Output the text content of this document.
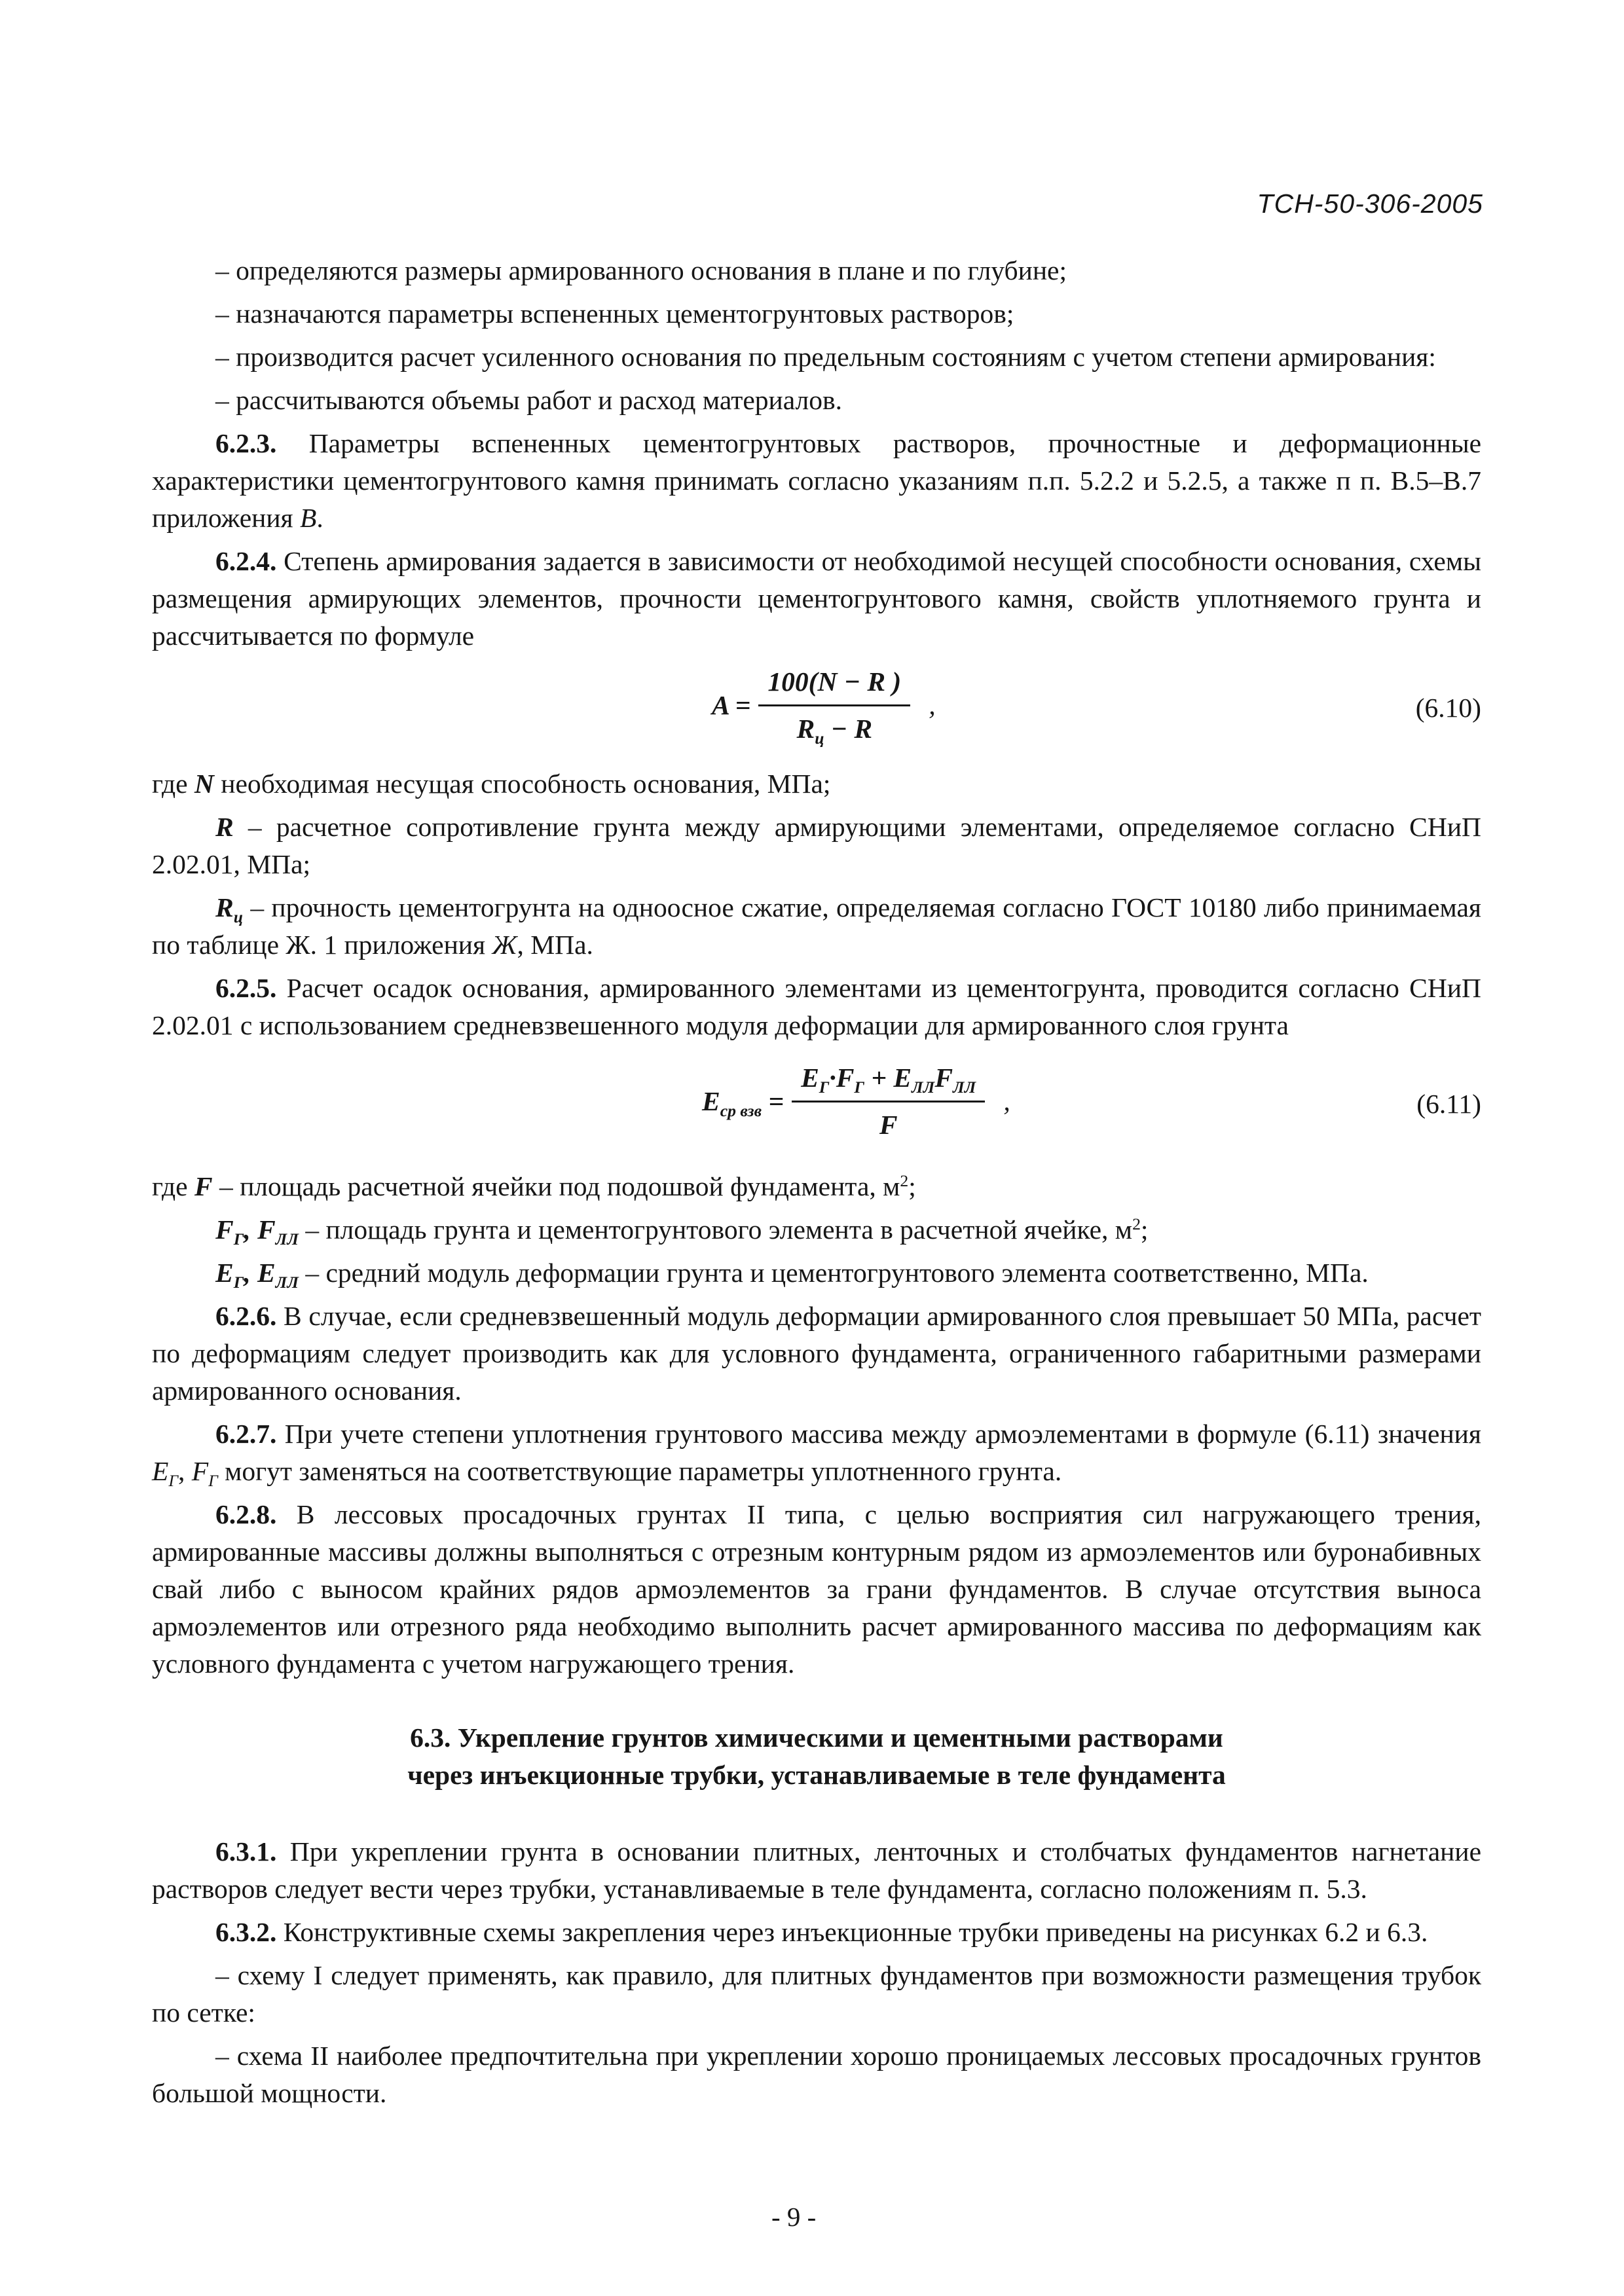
ТСН-50-306-2005

– определяются размеры армированного основания в плане и по глубине;

– назначаются параметры вспененных цементогрунтовых растворов;

– производится расчет усиленного основания по предельным состояниям с учетом степени армирования:

– рассчитываются объемы работ и расход материалов.

6.2.3. Параметры вспененных цементогрунтовых растворов, прочностные и деформационные характеристики цементогрунтового камня принимать согласно указаниям п.п. 5.2.2 и 5.2.5, а также п п. В.5–В.7 приложения В.

6.2.4. Степень армирования задается в зависимости от необходимой несущей способности основания, схемы размещения армирующих элементов, прочности цементогрунтового камня, свойств уплотняемого грунта и рассчитывается по формуле

$A = \frac{100(N - R )}{R_ц - R}$ ,	(6.10)

где N необходимая несущая способность основания, МПа;

R – расчетное сопротивление грунта между армирующими элементами, определяемое согласно СНиП 2.02.01, МПа;

$R_ц$ – прочность цементогрунта на одноосное сжатие, определяемая согласно ГОСТ 10180 либо принимаемая по таблице Ж. 1 приложения Ж, МПа.

6.2.5. Расчет осадок основания, армированного элементами из цементогрунта, проводится согласно СНиП 2.02.01 с использованием средневзвешенного модуля деформации для армированного слоя грунта

$E_{ср взв} = \frac{E_Г\cdot F_Г + E_{ЛЛ}F_{ЛЛ}}{F}$ ,	(6.11)

где F – площадь расчетной ячейки под подошвой фундамента, $м^2$;

$F_Г$, $F_{ЛЛ}$ – площадь грунта и цементогрунтового элемента в расчетной ячейке, $м^2$;

$E_Г$, $E_{ЛЛ}$ – средний модуль деформации грунта и цементогрунтового элемента соответственно, МПа.

6.2.6. В случае, если средневзвешенный модуль деформации армированного слоя превышает 50 МПа, расчет по деформациям следует производить как для условного фундамента, ограниченного габаритными размерами армированного основания.

6.2.7. При учете степени уплотнения грунтового массива между армоэлементами в формуле (6.11) значения $E_Г$, $F_Г$ могут заменяться на соответствующие параметры уплотненного грунта.

6.2.8. В лессовых просадочных грунтах II типа, с целью восприятия сил нагружающего трения, армированные массивы должны выполняться с отрезным контурным рядом из армоэлементов или буронабивных свай либо с выносом крайних рядов армоэлементов за грани фундаментов. В случае отсутствия выноса армоэлементов или отрезного ряда необходимо выполнить расчет армированного массива по деформациям как условного фундамента с учетом нагружающего трения.

6.3. Укрепление грунтов химическими и цементными растворами
через инъекционные трубки, устанавливаемые в теле фундамента

6.3.1. При укреплении грунта в основании плитных, ленточных и столбчатых фундаментов нагнетание растворов следует вести через трубки, устанавливаемые в теле фундамента, согласно положениям п. 5.3.

6.3.2. Конструктивные схемы закрепления через инъекционные трубки приведены на рисунках 6.2 и 6.3.

– схему I следует применять, как правило, для плитных фундаментов при возможности размещения трубок по сетке:

– схема II наиболее предпочтительна при укреплении хорошо проницаемых лессовых просадочных грунтов большой мощности.

- 9 -
